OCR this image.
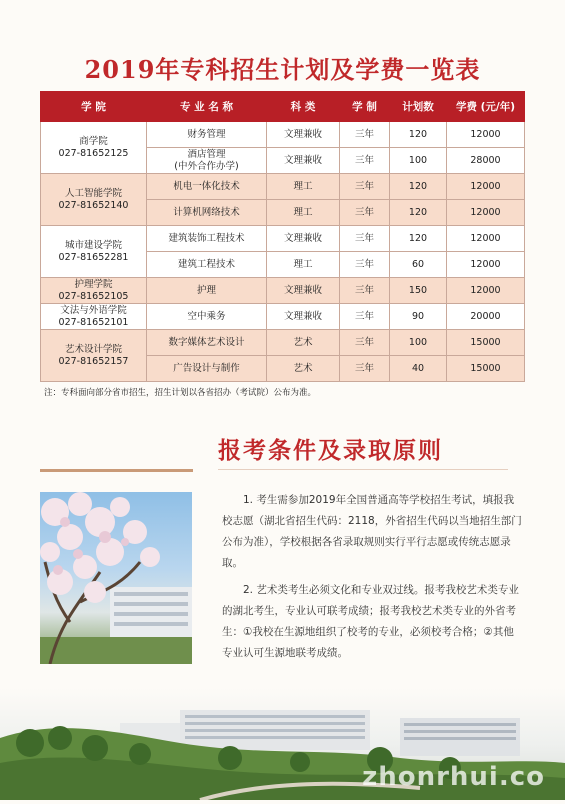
2019年专科招生计划及学费一览表
学 院	专 业 名 称	科 类	学 制	计划数	学费 (元/年)

商学院
027-81652125	财务管理	文理兼收	三年	120	12000

	酒店管理
(中外合作办学)	文理兼收	三年	100	28000

人工智能学院
027-81652140	机电一体化技术	理工	三年	120	12000

	计算机网络技术	理工	三年	120	12000

城市建设学院
027-81652281	建筑装饰工程技术	文理兼收	三年	120	12000

	建筑工程技术	理工	三年	60	12000

护理学院
027-81652105	护理	文理兼收	三年	150	12000

文法与外语学院
027-81652101	空中乘务	文理兼收	三年	90	20000

艺术设计学院
027-81652157	数字媒体艺术设计	艺术	三年	100	15000

	广告设计与制作	艺术	三年	40	15000
注：专科面向部分省市招生，招生计划以各省招办（考试院）公布为准。
报考条件及录取原则
1. 考生需参加2019年全国普通高等学校招生考试，填报我校志愿（湖北省招生代码：2118，外省招生代码以当地招生部门公布为准），学校根据各省录取规则实行平行志愿或传统志愿录取。
2. 艺术类考生必须文化和专业双过线。报考我校艺术类专业的湖北考生，专业认可联考成绩；报考我校艺术类专业的外省考生：①我校在生源地组织了校考的专业，必须校考合格；②其他专业认可生源地联考成绩。
zhonrhui.co
